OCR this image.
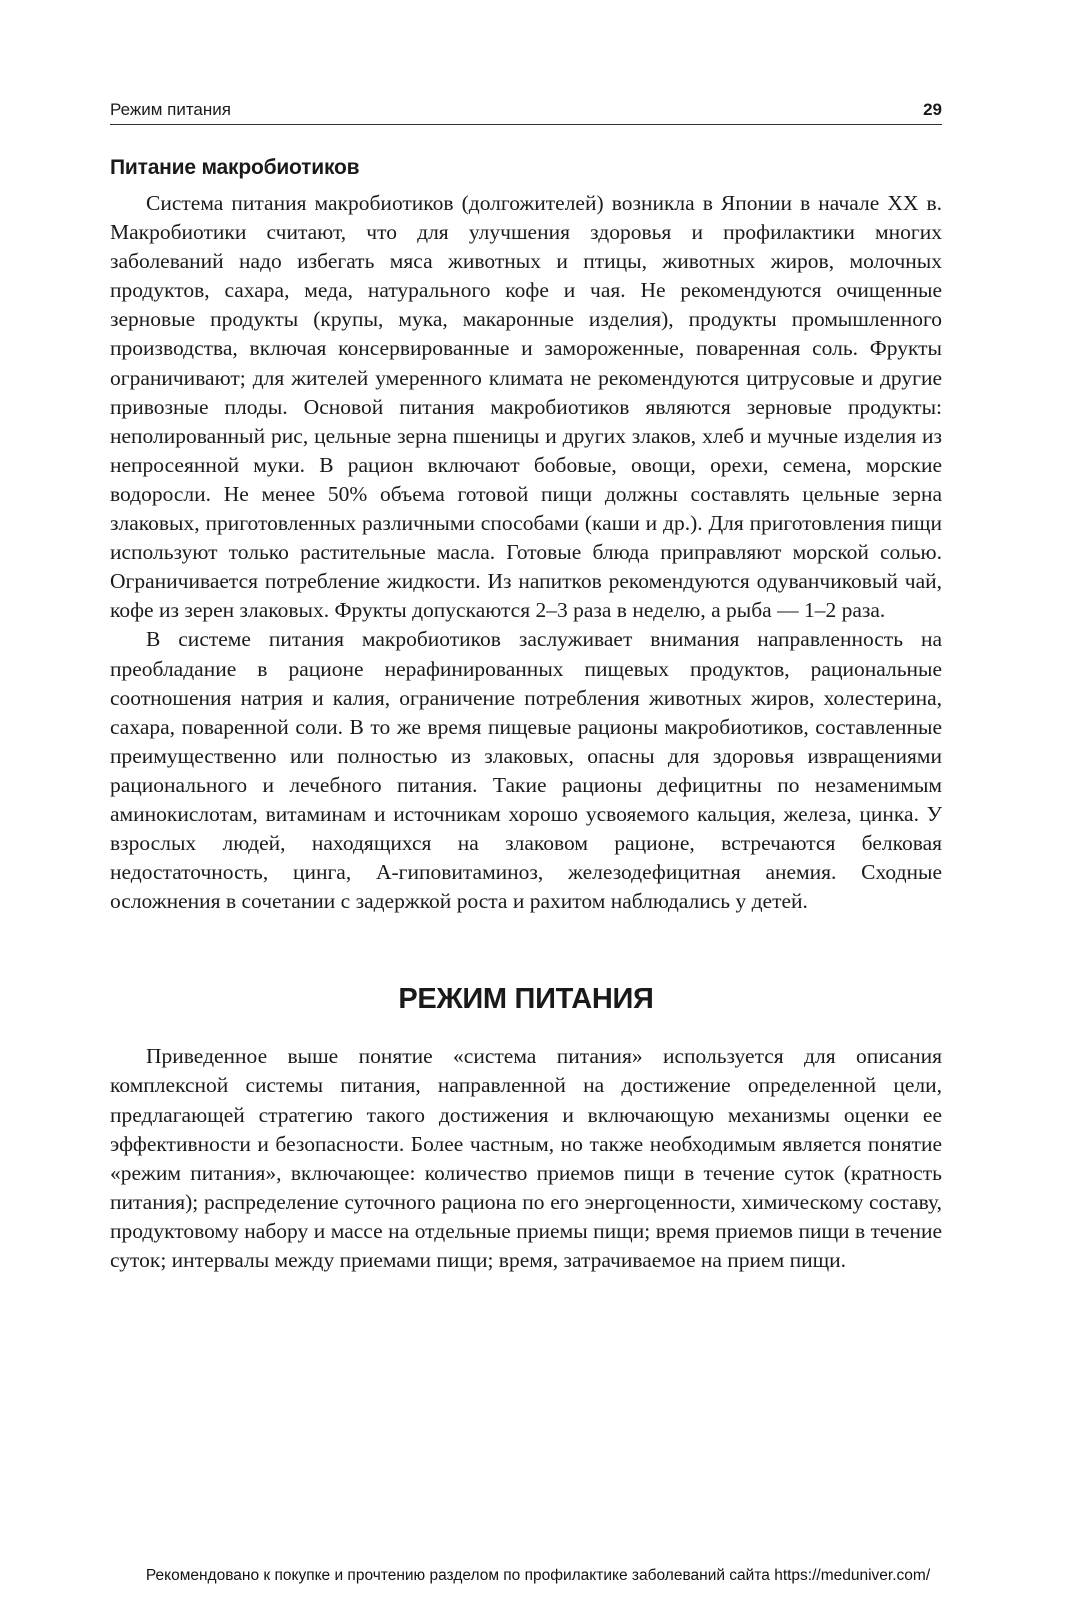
Режим питания	29
Питание макробиотиков

Система питания макробиотиков (долгожителей) возникла в Японии в начале XX в. Макробиотики считают, что для улучшения здоровья и профилактики многих заболеваний надо избегать мяса животных и птицы, животных жиров, молочных продуктов, сахара, меда, натурального кофе и чая. Не рекомендуются очищенные зерновые продукты (крупы, мука, макаронные изделия), продукты промышленного производства, включая консервированные и замороженные, поваренная соль. Фрукты ограничивают; для жителей умеренного климата не рекомендуются цитрусовые и другие привозные плоды. Основой питания макробиотиков являются зерновые продукты: неполированный рис, цельные зерна пшеницы и других злаков, хлеб и мучные изделия из непросеянной муки. В рацион включают бобовые, овощи, орехи, семена, морские водоросли. Не менее 50% объема готовой пищи должны составлять цельные зерна злаковых, приготовленных различными способами (каши и др.). Для приготовления пищи используют только растительные масла. Готовые блюда приправляют морской солью. Ограничивается потребление жидкости. Из напитков рекомендуются одуванчиковый чай, кофе из зерен злаковых. Фрукты допускаются 2–3 раза в неделю, а рыба — 1–2 раза.

В системе питания макробиотиков заслуживает внимания направленность на преобладание в рационе нерафинированных пищевых продуктов, рациональные соотношения натрия и калия, ограничение потребления животных жиров, холестерина, сахара, поваренной соли. В то же время пищевые рационы макробиотиков, составленные преимущественно или полностью из злаковых, опасны для здоровья извращениями рационального и лечебного питания. Такие рационы дефицитны по незаменимым аминокислотам, витаминам и источникам хорошо усвояемого кальция, железа, цинка. У взрослых людей, находящихся на злаковом рационе, встречаются белковая недостаточность, цинга, А-гиповитаминоз, железодефицитная анемия. Сходные осложнения в сочетании с задержкой роста и рахитом наблюдались у детей.

РЕЖИМ ПИТАНИЯ

Приведенное выше понятие «система питания» используется для описания комплексной системы питания, направленной на достижение определенной цели, предлагающей стратегию такого достижения и включающую механизмы оценки ее эффективности и безопасности. Более частным, но также необходимым является понятие «режим питания», включающее: количество приемов пищи в течение суток (кратность питания); распределение суточного рациона по его энергоценности, химическому составу, продуктовому набору и массе на отдельные приемы пищи; время приемов пищи в течение суток; интервалы между приемами пищи; время, затрачиваемое на прием пищи.

Рекомендовано к покупке и прочтению разделом по профилактике заболеваний сайта https://meduniver.com/
